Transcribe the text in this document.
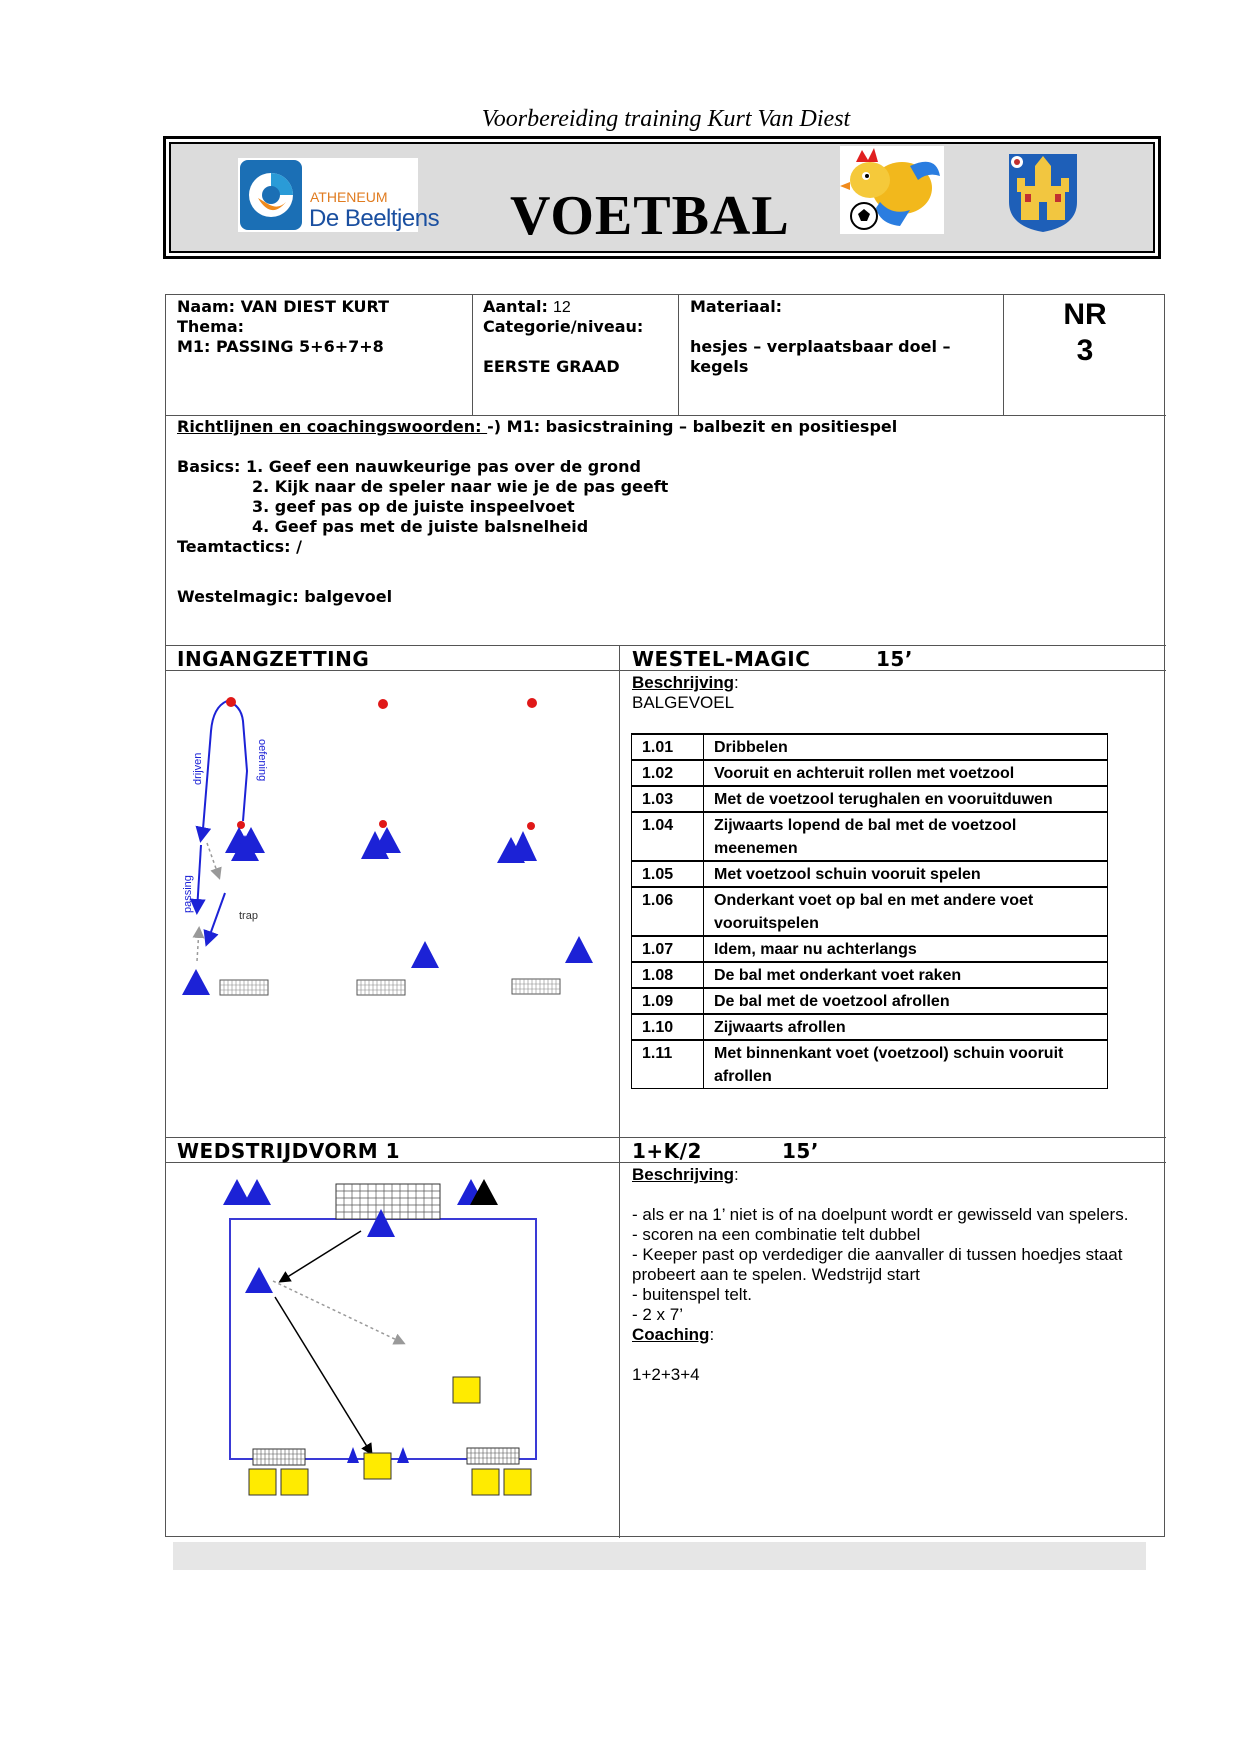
Voorbereiding training Kurt Van Diest
ATHENEUM
De Beeltjens VOETBAL
Naam: VAN DIEST KURT
Thema:
M1: PASSING 5+6+7+8
Aantal: 12
Categorie/niveau:
EERSTE GRAAD
Materiaal:
hesjes – verplaatsbaar doel –
kegels
NR
3
Richtlijnen en coachingswoorden: -) M1: basicstraining – balbezit en positiespel
Basics: 1. Geef een nauwkeurige pas over de grond
2. Kijk naar de speler naar wie je de pas geeft
3. geef pas op de juiste inspeelvoet
4. Geef pas met de juiste balsnelheid
Teamtactics: /
Westelmagic: balgevoel
INGANGZETTING	WESTEL-MAGIC	15’
Beschrijving:
BALGEVOEL
1.01	Dribbelen
1.02	Vooruit en achteruit rollen met voetzool
1.03	Met de voetzool terughalen en vooruitduwen
1.04	Zijwaarts lopend de bal met de voetzool meenemen
1.05	Met voetzool schuin vooruit spelen
1.06	Onderkant voet op bal en met andere voet vooruitspelen
1.07	Idem, maar nu achterlangs
1.08	De bal met onderkant voet raken
1.09	De bal met de voetzool afrollen
1.10	Zijwaarts afrollen
1.11	Met binnenkant voet (voetzool) schuin vooruit afrollen
drijven	oefening
passing
trap
WEDSTRIJDVORM 1	1+K/2	15’
Beschrijving:
- als er na 1’ niet is of na doelpunt wordt er gewisseld van spelers.
- scoren na een combinatie telt dubbel
- Keeper past op verdediger die aanvaller di tussen hoedjes staat probeert aan te spelen. Wedstrijd start
- buitenspel telt.
- 2 x 7’
Coaching:
1+2+3+4
